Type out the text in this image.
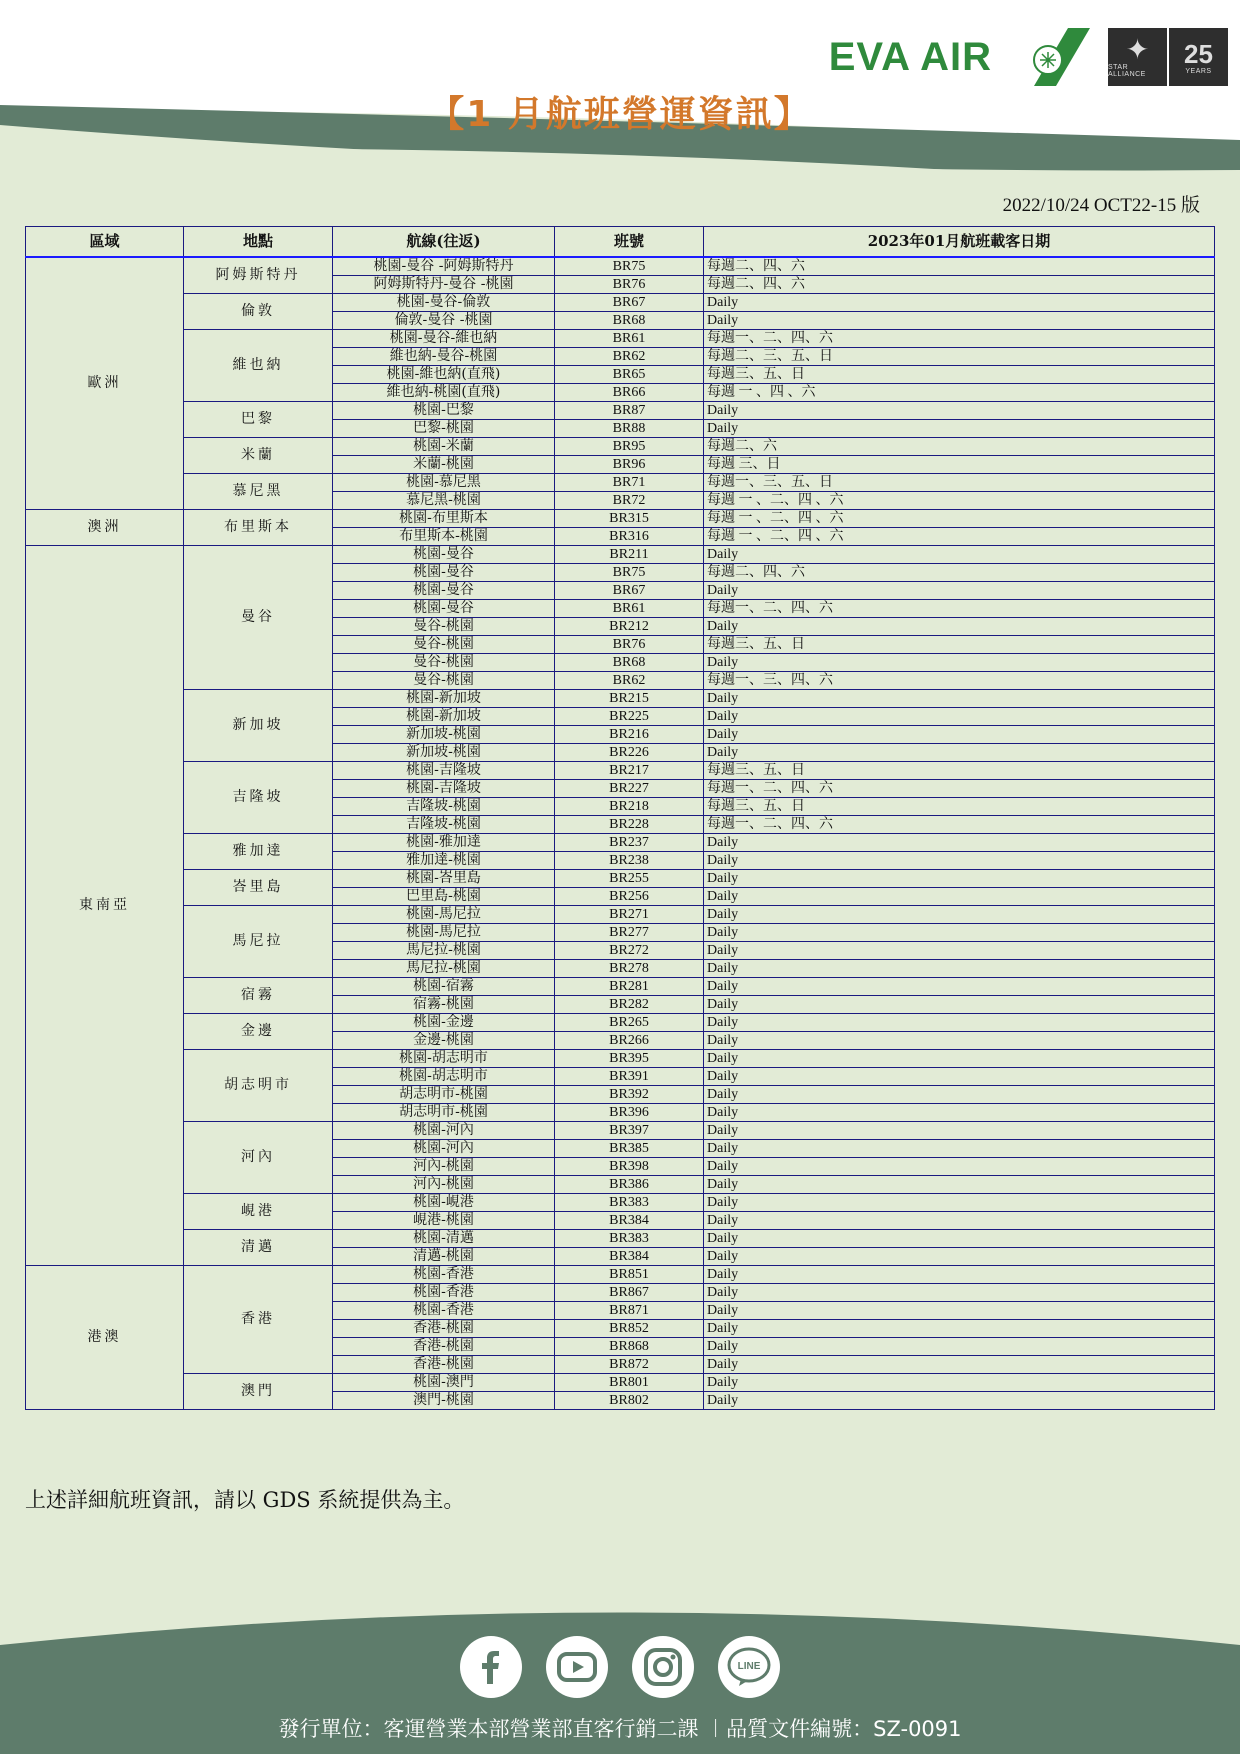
EVA AIR	✦
STAR ALLIANCE
25
YEARS
【1 月航班營運資訊】
2022/10/24 OCT22-15 版
區域	地點	航線(往返)	班號	2023年01月航班載客日期
歐洲	阿姆斯特丹	桃園-曼谷 -阿姆斯特丹	BR75	每週二、四、六
		阿姆斯特丹-曼谷 -桃園	BR76	每週二、四、六
	倫敦	桃園-曼谷-倫敦	BR67	Daily
		倫敦-曼谷 -桃園	BR68	Daily
	維也納	桃園-曼谷-維也納	BR61	每週一、二、四、六
		維也納-曼谷-桃園	BR62	每週二、三、五、日
		桃園-維也納(直飛)	BR65	每週三、五、日
		維也納-桃園(直飛)	BR66	每週 一 、四 、六
	巴黎	桃園-巴黎	BR87	Daily
		巴黎-桃園	BR88	Daily
	米蘭	桃園-米蘭	BR95	每週二、六
		米蘭-桃園	BR96	每週 三、日
	慕尼黑	桃園-慕尼黑	BR71	每週一、三、五、日
		慕尼黑-桃園	BR72	每週 一 、二、四 、六
澳洲	布里斯本	桃園-布里斯本	BR315	每週 一 、二、四 、六
		布里斯本-桃園	BR316	每週 一 、二、四 、六
東南亞	曼谷	桃園-曼谷	BR211	Daily
		桃園-曼谷	BR75	每週二、四、六
		桃園-曼谷	BR67	Daily
		桃園-曼谷	BR61	每週一、二、四、六
		曼谷-桃園	BR212	Daily
		曼谷-桃園	BR76	每週三、五、日
		曼谷-桃園	BR68	Daily
		曼谷-桃園	BR62	每週一、三、四、六
	新加坡	桃園-新加坡	BR215	Daily
		桃園-新加坡	BR225	Daily
		新加坡-桃園	BR216	Daily
		新加坡-桃園	BR226	Daily
	吉隆坡	桃園-吉隆坡	BR217	每週三、五、日
		桃園-吉隆坡	BR227	每週一、二、四、六
		吉隆坡-桃園	BR218	每週三、五、日
		吉隆坡-桃園	BR228	每週一、二、四、六
	雅加達	桃園-雅加達	BR237	Daily
		雅加達-桃園	BR238	Daily
	峇里島	桃園-峇里島	BR255	Daily
		巴里島-桃園	BR256	Daily
	馬尼拉	桃園-馬尼拉	BR271	Daily
		桃園-馬尼拉	BR277	Daily
		馬尼拉-桃園	BR272	Daily
		馬尼拉-桃園	BR278	Daily
	宿霧	桃園-宿霧	BR281	Daily
		宿霧-桃園	BR282	Daily
	金邊	桃園-金邊	BR265	Daily
		金邊-桃園	BR266	Daily
	胡志明市	桃園-胡志明市	BR395	Daily
		桃園-胡志明市	BR391	Daily
		胡志明市-桃園	BR392	Daily
		胡志明市-桃園	BR396	Daily
	河內	桃園-河內	BR397	Daily
		桃園-河內	BR385	Daily
		河內-桃園	BR398	Daily
		河內-桃園	BR386	Daily
	峴港	桃園-峴港	BR383	Daily
		峴港-桃園	BR384	Daily
	清邁	桃園-清邁	BR383	Daily
		清邁-桃園	BR384	Daily
港澳	香港	桃園-香港	BR851	Daily
		桃園-香港	BR867	Daily
		桃園-香港	BR871	Daily
		香港-桃園	BR852	Daily
		香港-桃園	BR868	Daily
		香港-桃園	BR872	Daily
	澳門	桃園-澳門	BR801	Daily
		澳門-桃園	BR802	Daily
上述詳細航班資訊，請以 GDS 系統提供為主。
LINE
發行單位：客運營業本部營業部直客行銷二課 ︱品質文件編號：SZ-0091
